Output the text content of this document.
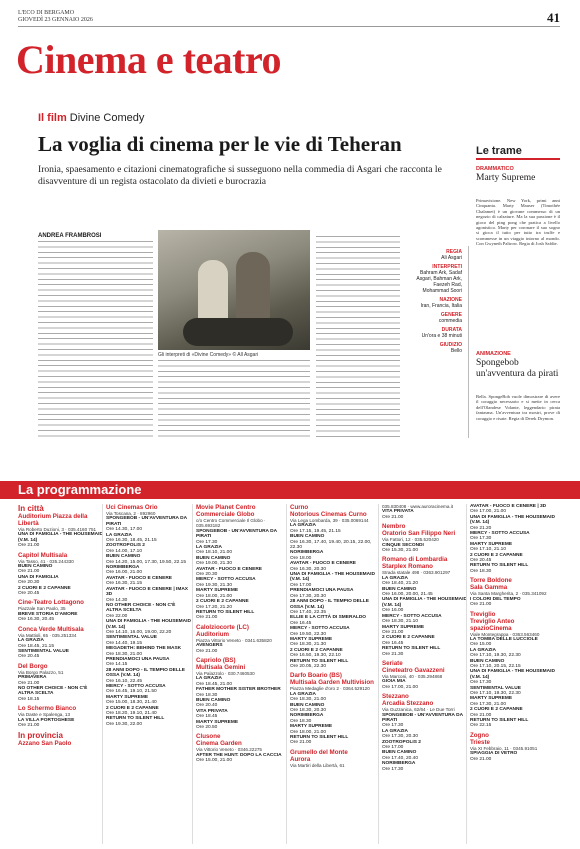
L'ECO DI BERGAMO
GIOVEDÌ 23 GENNAIO 2026	41
Cinema e teatro
Il film Divine Comedy
La voglia di cinema per le vie di Teheran
Ironia, spaesamento e citazioni cinematografiche si susseguono nella commedia di Asgari che racconta le disavventure di un regista ostacolato da divieti e burocrazia
ANDREA FRAMBROSI
Gli interpreti di «Divine Comedy» © All Asgari
REGIA
Ali Asgari
INTERPRETI
Bahram Ark, Sadaf Asgari, Bahman Ark, Faezeh Rad, Mohammad Soori
NAZIONE
Iran, Francia, Italia
GENERE
commedia
DURATA
Un'ora e 38 minuti
GIUDIZIO
Bello
Le trame
DRAMMATICO
Marty Supreme
Primavisione. New York, primi anni Cinquanta. Marty Mauser (Timothée Chalamet) è un giovane commesso di un negozio di calzature. Ma la sua passione è il gioco del ping pong che pratica a livello agonistico. Marty per coronare il suo sogno si gioca il tutto per tutto tra truffe e scommesse in un viaggio intorno al mondo. Con Gwyneth Paltrow. Regia di Josh Safdie.
ANIMAZIONE
Spongebob un'avventura da pirati
Bella. SpongeBob vuole dimostrare di avere il coraggio necessario e si mette in cerca dell'Olandese Volante, leggendario pirata fantasma. Un'avventura tra mostri, prove di coraggio e risate. Regia di Derek Drymon.
La programmazione
In città
Auditorium Piazza della Libertà
Via Roberto Duzioni, 3 · 035.4160 751
UNA DI FAMIGLIA - THE HOUSEMAID (V.M. 14)
Ore 21.00
Capitol Multisala
Via Tasso, 41 · 035.244330
BUEN CAMINO
Ore 21.00
UNA DI FAMIGLIA
Ore 20.30
2 CUORI E 2 CAPANNE
Ore 20.45
Cine-Teatro Lottagono
Piazzale San Paolo, 35
BREVE STORIA D'AMORE
Ore 16.30, 20.45
Conca Verde Multisala
Via Mattioli, 65 · 035.251334
LA GRAZIA
Ore 18.45, 21.15
SENTIMENTAL VALUE
Ore 20.45
Del Borgo
Via Borgo Palazzo, 51
PRIMAVERA
Ore 21.00
NO OTHER CHOICE - NON C'È ALTRA SCELTA
Ore 18.15
Lo Schermo Bianco
Via Daste e Spalenga, 13
LA VILLA PORTOGHESE
Ore 21.00
In provincia
Azzano San Paolo
Uci Cinemas Orio
Via Toscana, 2 · 892960
SPONGEBOB - UN'AVVENTURA DA PIRATI
Ore 14.30, 17.00
LA GRAZIA
Ore 16.30, 18.45, 21.15
ZOOTROPOLIS 2
Ore 14.00, 17.10
BUEN CAMINO
Ore 14.20, 15.00, 17.30, 19.50, 22.15
NORIMBERGA
Ore 16.00, 21.00
AVATAR - FUOCO E CENERE
Ore 16.30, 21.15
AVATAR - FUOCO E CENERE | IMAX 3D
Ore 14.30
NO OTHER CHOICE - NON C'È ALTRA SCELTA
Ore 22.00
UNA DI FAMIGLIA - THE HOUSEMAID (V.M. 14)
Ore 14.10, 16.00, 19.00, 22.20
SENTIMENTAL VALUE
Ore 14.40, 19.15
MEGADETH: BEHIND THE MASK
Ore 18.30, 21.00
PRENDIAMOCI UNA PAUSA
Ore 14.15
28 ANNI DOPO - IL TEMPIO DELLE OSSA (V.M. 14)
Ore 16.10, 22.45
MERCY - SOTTO ACCUSA
Ore 16.45, 19.10, 21.50
MARTY SUPREME
Ore 15.00, 18.30, 21.40
2 CUORI E 2 CAPANNE
Ore 18.20, 19.10, 21.40
RETURN TO SILENT HILL
Ore 19.30, 22.00
Movie Planet Centro Commerciale Globo
c/o Centro Commerciale Il Globo · 035.693182
SPONGEBOB - UN'AVVENTURA DA PIRATI
Ore 17.30
LA GRAZIA
Ore 18.10, 21.00
BUEN CAMINO
Ore 19.00, 21.30
AVATAR - FUOCO E CENERE
Ore 20.30
MERCY - SOTTO ACCUSA
Ore 19.30, 21.30
MARTY SUPREME
Ore 18.00, 21.00
2 CUORI E 2 CAPANNE
Ore 17.20, 21.20
RETURN TO SILENT HILL
Ore 21.00
Calolziocorte (LC)
Auditorium
Piazza Vittorio Veneto · 0341.635820
AVENGERS
Ore 21.00
Capriolo (BS)
Multisala Gemini
Via Palazzolo · 030.7460530
LA GRAZIA
Ore 18.45, 21.00
FATHER MOTHER SISTER BROTHER
Ore 18.30
BUEN CAMINO
Ore 20.40
VITA PRIVATA
Ore 18.45
MARTY SUPREME
Ore 20.50
Clusone
Cinema Garden
Via Vittorio Veneto · 0346.22275
AFTER THE HUNT: DOPO LA CACCIA
Ore 15.00, 21.00
Curno
Notorious Cinemas Curno
Via Lega Lombarda, 39 · 035.0069144
LA GRAZIA
Ore 17.15, 19.45, 21.15
BUEN CAMINO
Ore 16.30, 17.40, 19.40, 20.15, 22.00, 22.30
NORIMBERGA
Ore 18.00
AVATAR - FUOCO E CENERE
Ore 16.30, 20.30
UNA DI FAMIGLIA - THE HOUSEMAID (V.M. 14)
Ore 17.00
PRENDIAMOCI UNA PAUSA
Ore 17.30, 20.30
28 ANNI DOPO - IL TEMPIO DELLE OSSA (V.M. 14)
Ore 17.40, 22.35
ELLIE E LA CITTÀ DI SMERALDO
Ore 16.45
MERCY - SOTTO ACCUSA
Ore 19.50, 22.30
MARTY SUPREME
Ore 18.30, 21.30
2 CUORI E 2 CAPANNE
Ore 16.50, 19.30, 22.10
RETURN TO SILENT HILL
Ore 20.05, 22.30
Darfo Boario (BS)
Multisala Garden Multivision
Piazza Medaglie d'oro 2 · 0364.529120
LA GRAZIA
Ore 18.30, 21.00
BUEN CAMINO
Ore 18.30, 20.30
NORIMBERGA
Ore 18.30
MARTY SUPREME
Ore 18.00, 21.00
RETURN TO SILENT HILL
Ore 21.00
Grumello del Monte
Aurora
Via Martiri della Libertà, 61
035.830408 · www.auroracinema.it
VITA PRIVATA
Ore 21.00
Nembro
Oratorio San Filippo Neri
Via Fattori, 12 · 035.520420
CINQUE SECONDI
Ore 15.30, 21.00
Romano di Lombardia
Starplex Romano
Strada statale 498 · 0363.901297
LA GRAZIA
Ore 18.40, 21.20
BUEN CAMINO
Ore 16.00, 20.00, 21.45
UNA DI FAMIGLIA - THE HOUSEMAID (V.M. 14)
Ore 16.00
MERCY - SOTTO ACCUSA
Ore 18.30, 21.10
MARTY SUPREME
Ore 21.00
2 CUORI E 2 CAPANNE
Ore 16.45
RETURN TO SILENT HILL
Ore 21.30
Seriate
Cineteatro Gavazzeni
Via Marconi, 40 · 035.294868
GIOIA MIA
Ore 17.00, 21.00
Stezzano
Arcadia Stezzano
Via Guzzanica, 62/64 · Le Due Torri
SPONGEBOB - UN'AVVENTURA DA PIRATI
Ore 17.30
LA GRAZIA
Ore 17.30, 20.30
ZOOTROPOLIS 2
Ore 17.00
BUEN CAMINO
Ore 17.40, 20.40
NORIMBERGA
Ore 17.30
AVATAR - FUOCO E CENERE | 3D
Ore 17.00, 21.00
UNA DI FAMIGLIA - THE HOUSEMAID (V.M. 14)
Ore 21.20
MERCY - SOTTO ACCUSA
Ore 17.30
MARTY SUPREME
Ore 17.10, 21.10
2 CUORI E 2 CAPANNE
Ore 20.45
RETURN TO SILENT HILL
Ore 18.30
Torre Boldone
Sala Gamma
Via Santa Margherita, 2 · 035.341092
I COLORI DEL TEMPO
Ore 21.00
Treviglio
Treviglio Anteo spazioCinema
Viale Montegrappa · 0363.563460
LA TOMBA DELLE LUCCIOLE
Ore 15.00
LA GRAZIA
Ore 17.10, 19.30, 22.30
BUEN CAMINO
Ore 17.10, 20.15, 22.15
UNA DI FAMIGLIA - THE HOUSEMAID (V.M. 14)
Ore 17.30
SENTIMENTAL VALUE
Ore 17.10, 19.30, 22.30
MARTY SUPREME
Ore 17.30, 21.00
2 CUORI E 2 CAPANNE
Ore 21.00
RETURN TO SILENT HILL
Ore 22.15
Zogno
Trieste
Via XI Febbraio, 11 · 0345.91051
SPIAGGIA DI VETRO
Ore 21.00
